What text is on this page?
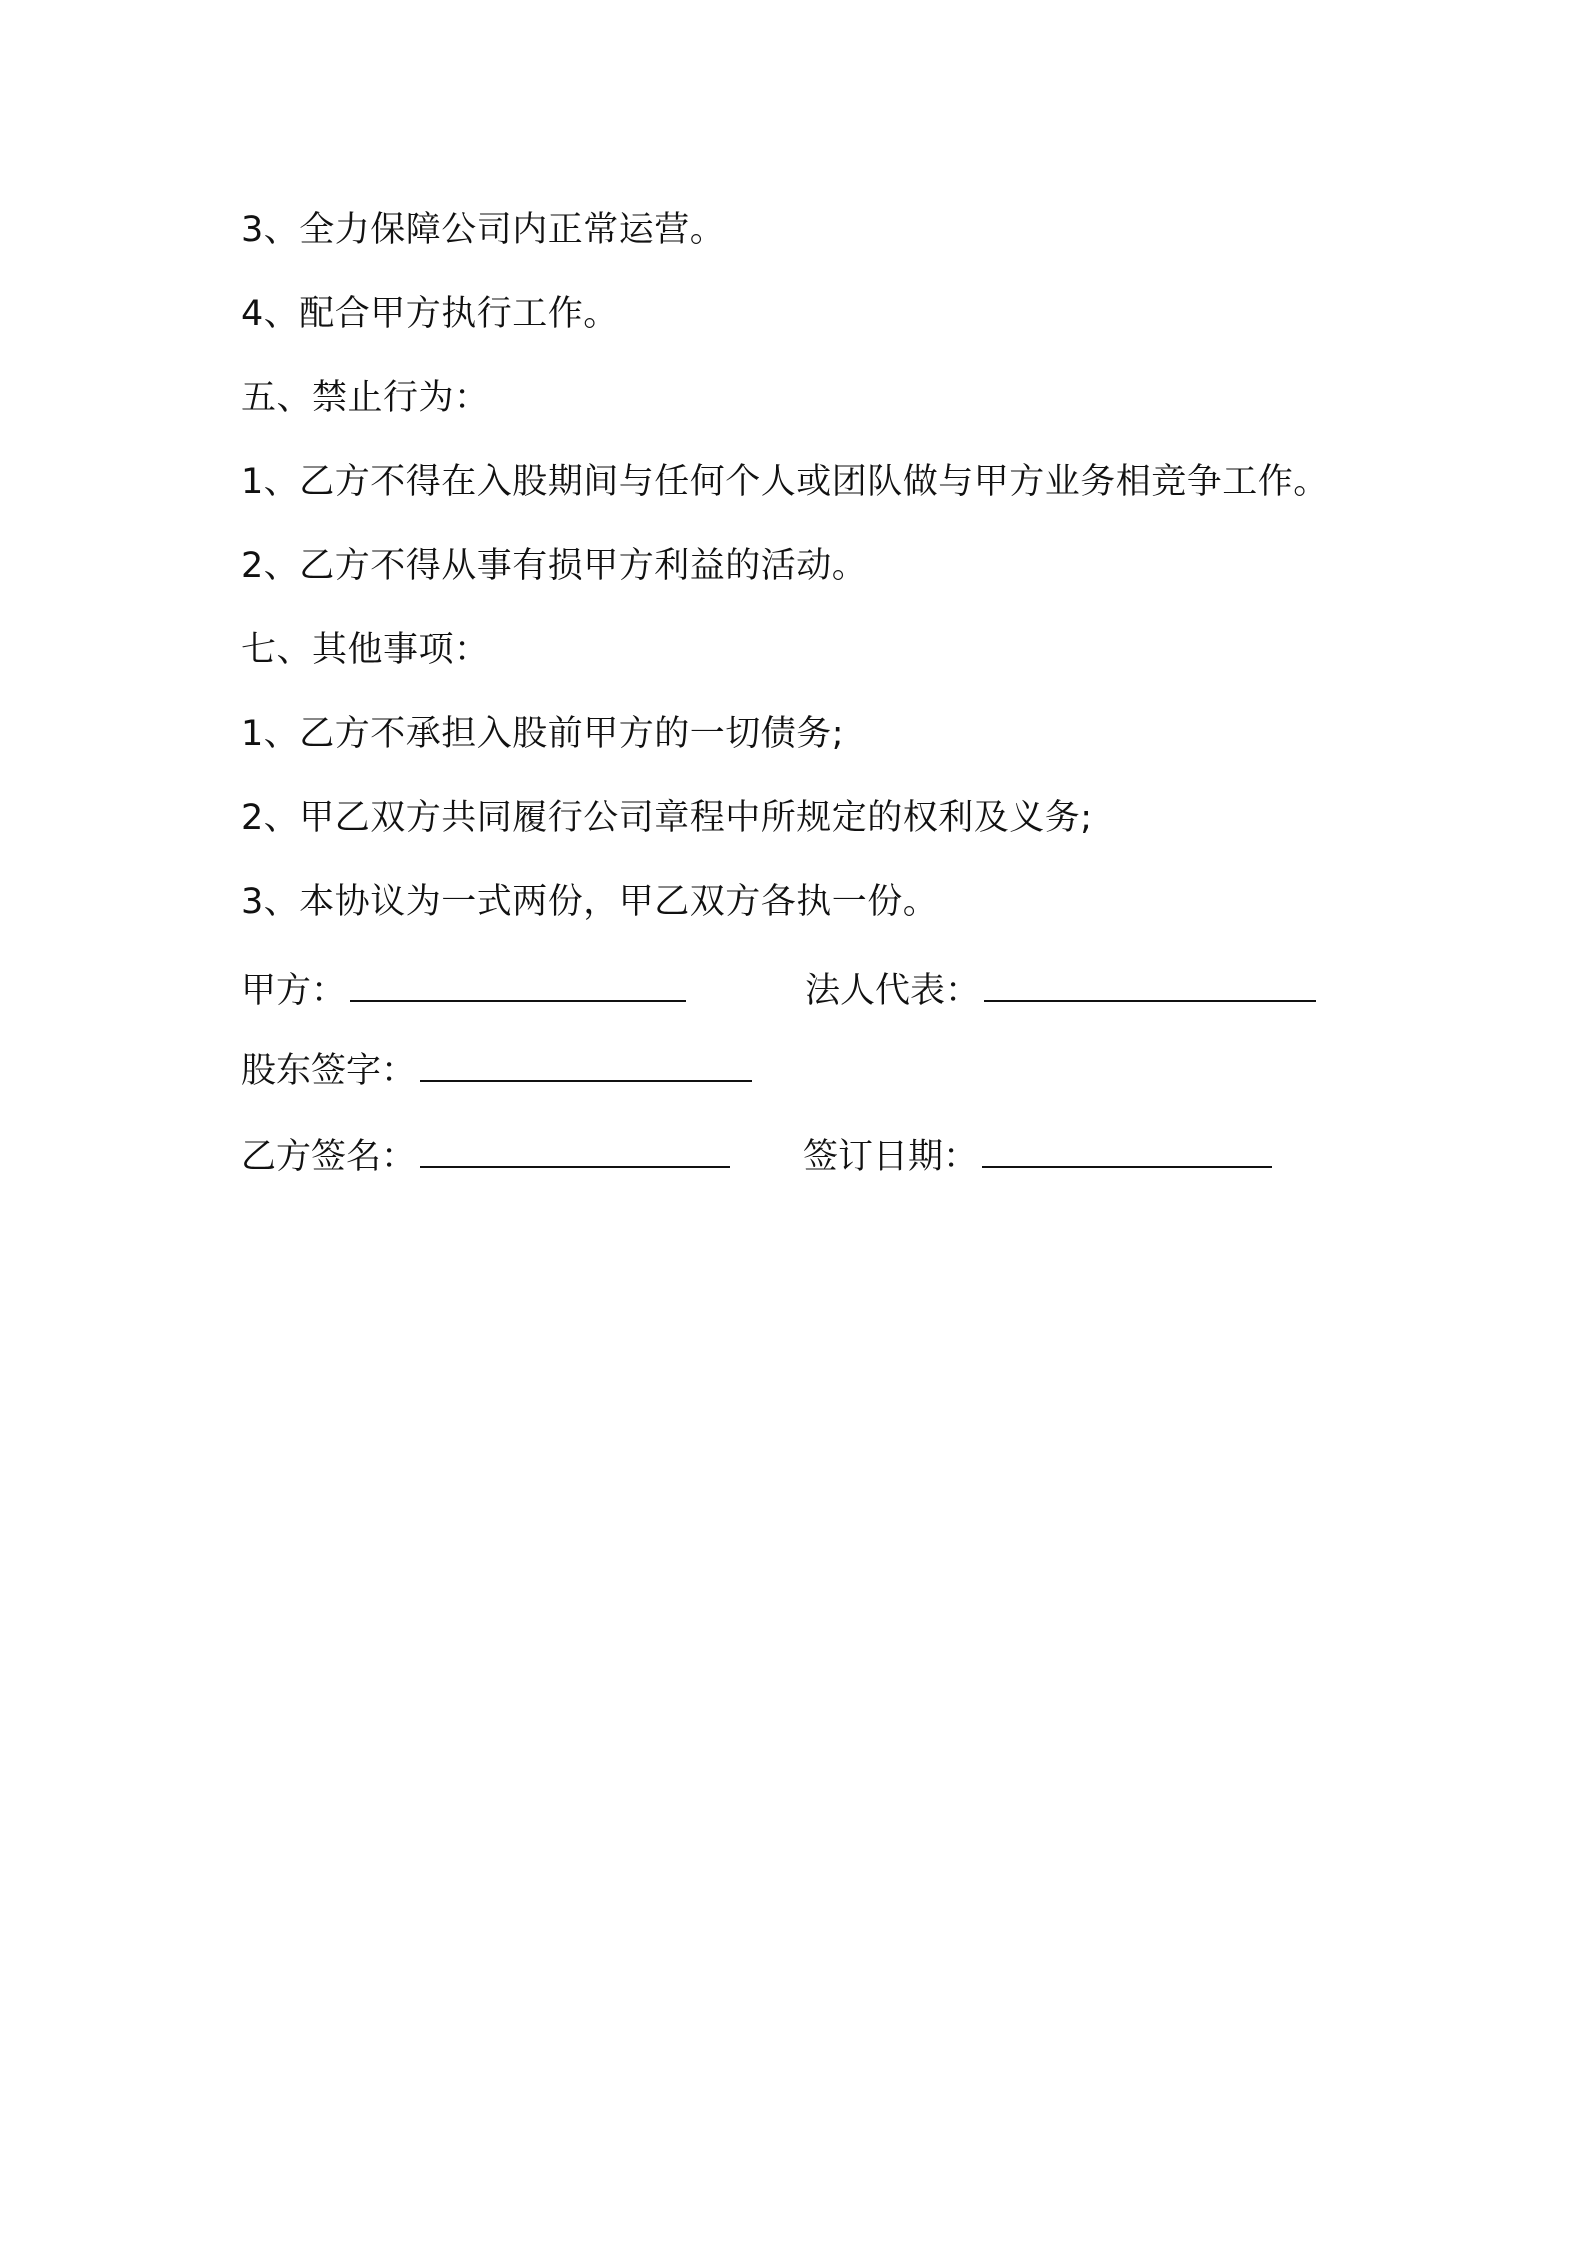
3、全力保障公司内正常运营。
4、配合甲方执行工作。
五、禁止行为：
1、乙方不得在入股期间与任何个人或团队做与甲方业务相竞争工作。
2、乙方不得从事有损甲方利益的活动。
七、其他事项：
1、乙方不承担入股前甲方的一切债务;
2、甲乙双方共同履行公司章程中所规定的权利及义务;
3、本协议为一式两份，甲乙双方各执一份。
甲方：	法人代表：
股东签字：
乙方签名：	签订日期：
